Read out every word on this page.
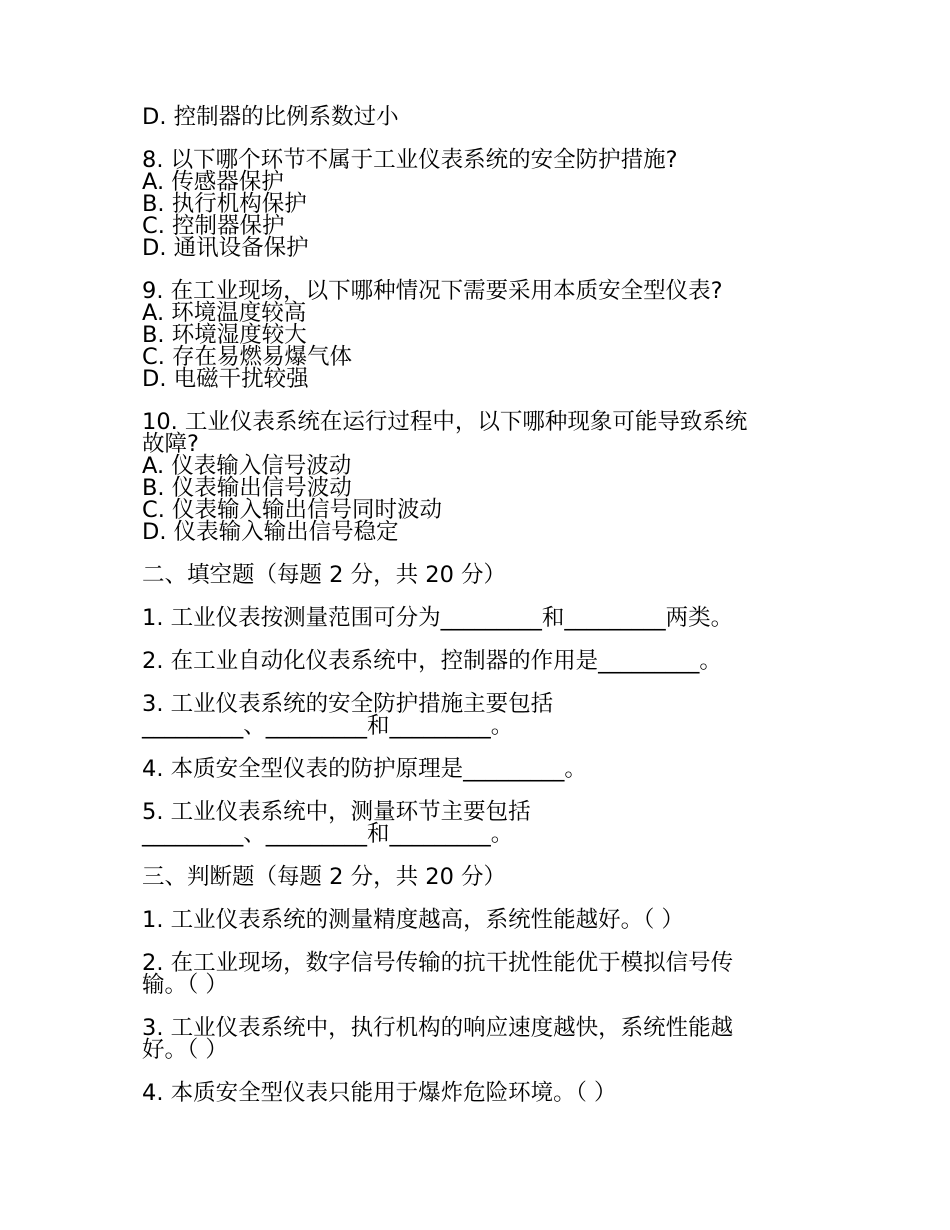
D. 控制器的比例系数过小
8. 以下哪个环节不属于工业仪表系统的安全防护措施?
A. 传感器保护
B. 执行机构保护
C. 控制器保护
D. 通讯设备保护
9. 在工业现场，以下哪种情况下需要采用本质安全型仪表?
A. 环境温度较高
B. 环境湿度较大
C. 存在易燃易爆气体
D. 电磁干扰较强
10. 工业仪表系统在运行过程中，以下哪种现象可能导致系统
故障?
A. 仪表输入信号波动
B. 仪表输出信号波动
C. 仪表输入输出信号同时波动
D. 仪表输入输出信号稳定
二、填空题（每题 2 分，共 20 分）
1. 工业仪表按测量范围可分为_________和_________两类。
2. 在工业自动化仪表系统中，控制器的作用是_________。
3. 工业仪表系统的安全防护措施主要包括
_________、_________和_________。
4. 本质安全型仪表的防护原理是_________。
5. 工业仪表系统中，测量环节主要包括
_________、_________和_________。
三、判断题（每题 2 分，共 20 分）
1. 工业仪表系统的测量精度越高，系统性能越好。（ ）
2. 在工业现场，数字信号传输的抗干扰性能优于模拟信号传
输。（ ）
3. 工业仪表系统中，执行机构的响应速度越快，系统性能越
好。（ ）
4. 本质安全型仪表只能用于爆炸危险环境。（ ）
